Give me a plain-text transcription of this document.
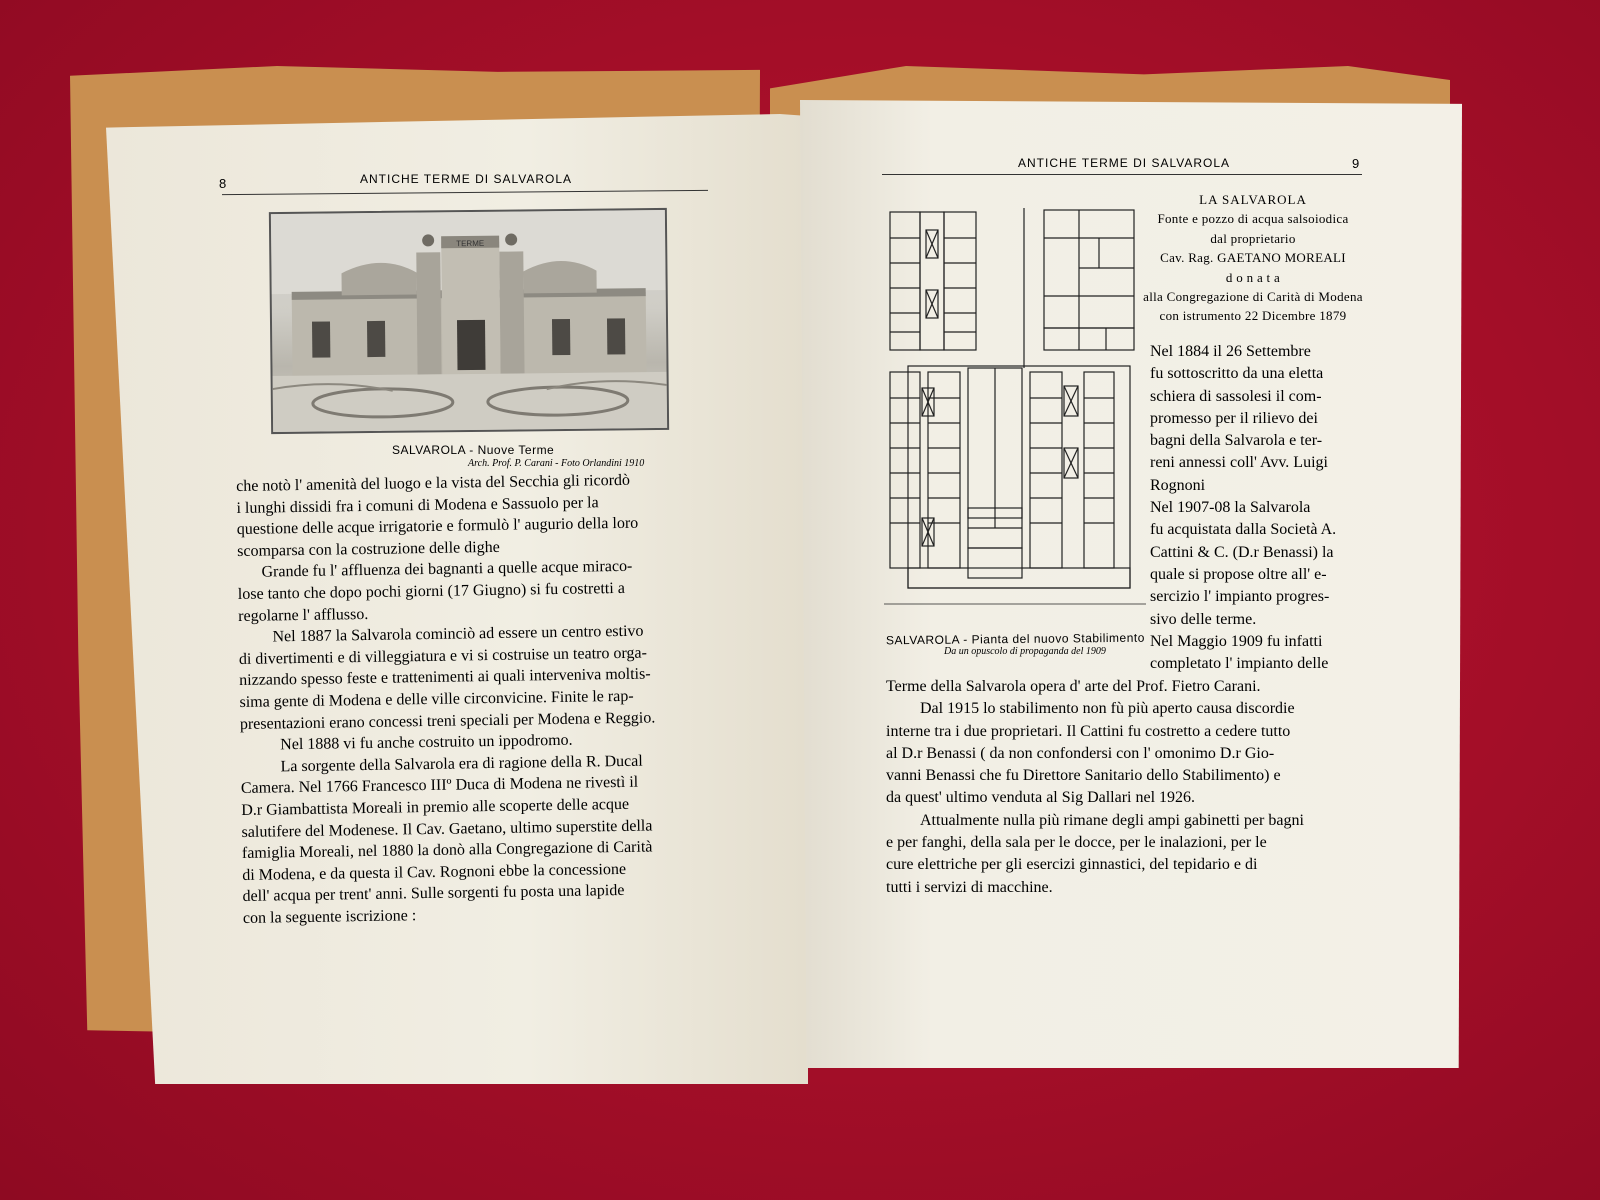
8	ANTICHE TERME DI SALVAROLA
TERME
SALVAROLA - Nuove Terme
Arch. Prof. P. Carani - Foto Orlandini 1910
che notò l' amenità del luogo e la vista del Secchia gli ricordò
i lunghi dissidi fra i comuni di Modena e Sassuolo per la
questione delle acque irrigatorie e formulò l' augurio della loro
scomparsa con la costruzione delle dighe
Grande fu l' affluenza dei bagnanti a quelle acque miraco-
lose tanto che dopo pochi giorni (17 Giugno) si fu costretti a
regolarne l' afflusso.
Nel 1887 la Salvarola cominciò ad essere un centro estivo
di divertimenti e di villeggiatura e vi si costruise un teatro orga-
nizzando spesso feste e trattenimenti ai quali interveniva moltis-
sima gente di Modena e delle ville circonvicine. Finite le rap-
presentazioni erano concessi treni speciali per Modena e Reggio.
Nel 1888 vi fu anche costruito un ippodromo.
La sorgente della Salvarola era di ragione della R. Ducal
Camera. Nel 1766 Francesco IIIº Duca di Modena ne rivestì il
D.r Giambattista Moreali in premio alle scoperte delle acque
salutifere del Modenese. Il Cav. Gaetano, ultimo superstite della
famiglia Moreali, nel 1880 la donò alla Congregazione di Carità
di Modena, e da questa il Cav. Rognoni ebbe la concessione
dell' acqua per trent' anni. Sulle sorgenti fu posta una lapide
con la seguente iscrizione :
ANTICHE TERME DI SALVAROLA	9
SALVAROLA - Pianta del nuovo Stabilimento
Da un opuscolo di propaganda del 1909
LA SALVAROLA
Fonte e pozzo di acqua salsoiodica
dal proprietario
Cav. Rag. GAETANO MOREALI
d o n a t a
alla Congregazione di Carità di Modena
con istrumento 22 Dicembre 1879
Nel 1884 il 26 Settembre
fu sottoscritto da una eletta
schiera di sassolesi il com-
promesso per il rilievo dei
bagni della Salvarola e ter-
reni annessi coll' Avv. Luigi
Rognoni
Nel 1907-08 la Salvarola
fu acquistata dalla Società A.
Cattini & C. (D.r Benassi) la
quale si propose oltre all' e-
sercizio l' impianto progres-
sivo delle terme.
Nel Maggio 1909 fu infatti
completato l' impianto delle
Terme della Salvarola opera d' arte del Prof. Fietro Carani.
Dal 1915 lo stabilimento non fù più aperto causa discordie
interne tra i due proprietari. Il Cattini fu costretto a cedere tutto
al D.r Benassi ( da non confondersi con l' omonimo D.r Gio-
vanni Benassi che fu Direttore Sanitario dello Stabilimento) e
da quest' ultimo venduta al Sig Dallari nel 1926.
Attualmente nulla più rimane degli ampi gabinetti per bagni
e per fanghi, della sala per le docce, per le inalazioni, per le
cure elettriche per gli esercizi ginnastici, del tepidario e di
tutti i servizi di macchine.
